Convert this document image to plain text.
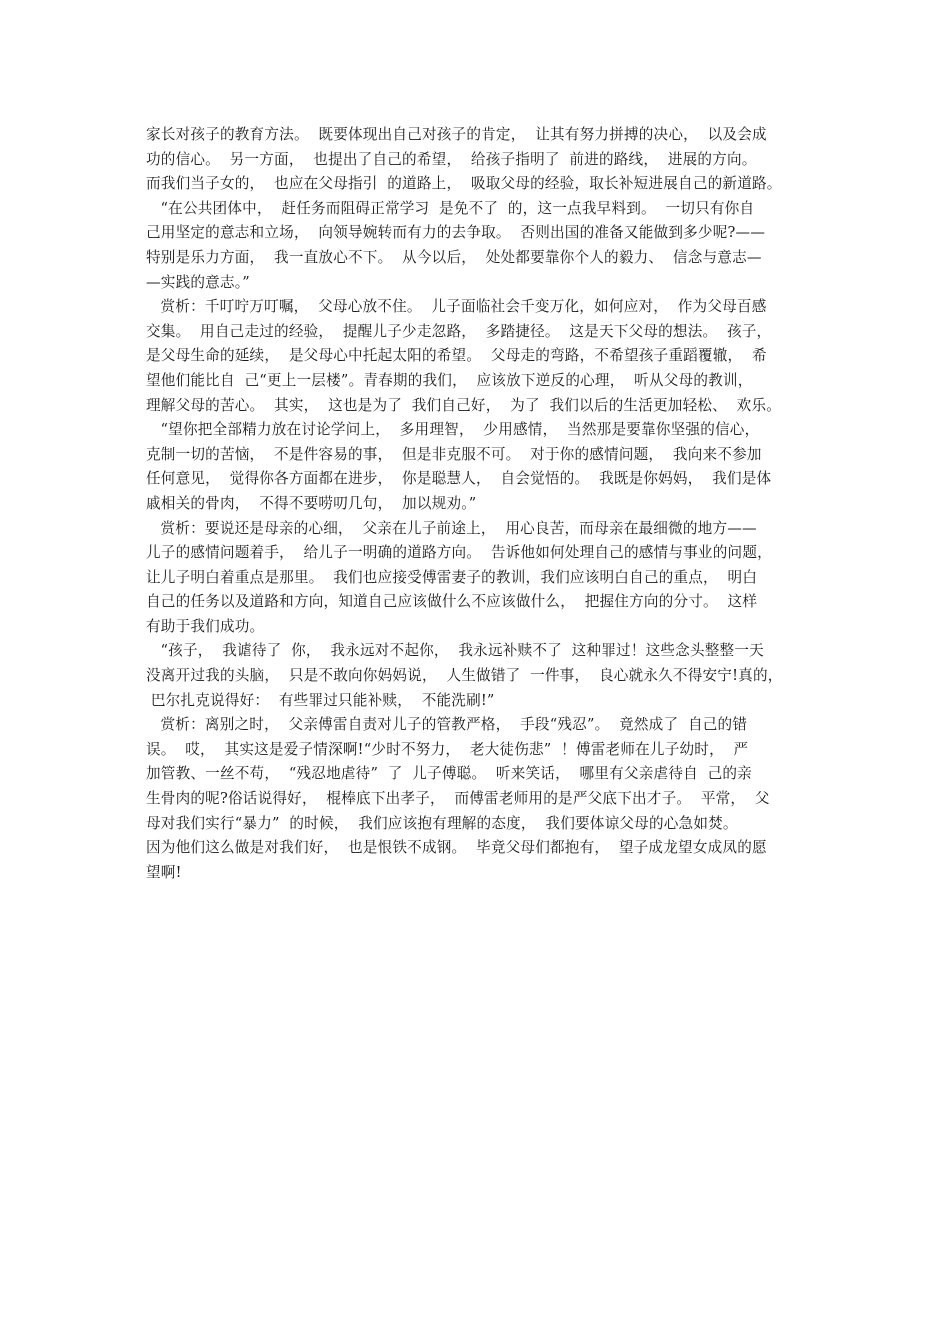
家长对孩子的教育方法。  既要体现出自己对孩子的肯定，  让其有努力拼搏的决心，  以及会成
功的信心。  另一方面，  也提出了自己的希望，  给孩子指明了  前进的路线，  进展的方向。
而我们当子女的，  也应在父母指引  的道路上，  吸取父母的经验，取长补短进展自己的新道路。
“在公共团体中，  赶任务而阻碍正常学习  是免不了  的，这一点我早料到。  一切只有你自
己用坚定的意志和立场，  向领导婉转而有力的去争取。  否则出国的准备又能做到多少呢?——
特别是乐力方面，  我一直放心不下。  从今以后，  处处都要靠你个人的毅力、  信念与意志—
—实践的意志。”
赏析：千叮咛万叮嘱，  父母心放不住。  儿子面临社会千变万化，如何应对，  作为父母百感
交集。  用自己走过的经验，  提醒儿子少走忽路，  多踏捷径。  这是天下父母的想法。  孩子，
是父母生命的延续，  是父母心中托起太阳的希望。  父母走的弯路，不希望孩子重蹈覆辙，  希
望他们能比自  己“更上一层楼”。青春期的我们，  应该放下逆反的心理，  听从父母的教训，
理解父母的苦心。  其实，  这也是为了  我们自己好，  为了  我们以后的生活更加轻松、  欢乐。
“望你把全部精力放在讨论学问上，  多用理智，  少用感情，  当然那是要靠你坚强的信心，
克制一切的苦恼，  不是件容易的事，  但是非克服不可。  对于你的感情问题，  我向来不参加
任何意见，  觉得你各方面都在进步，  你是聪慧人，  自会觉悟的。  我既是你妈妈，  我们是体
戚相关的骨肉，  不得不要唠叨几句，  加以规劝。”
赏析：要说还是母亲的心细，  父亲在儿子前途上，  用心良苦，而母亲在最细微的地方——
儿子的感情问题着手，  给儿子一明确的道路方向。  告诉他如何处理自己的感情与事业的问题，
让儿子明白着重点是那里。  我们也应接受傅雷妻子的教训，我们应该明白自己的重点，  明白
自己的任务以及道路和方向，知道自己应该做什么不应该做什么，  把握住方向的分寸。  这样
有助于我们成功。
“孩子，  我谑待了  你，  我永远对不起你，  我永远补赎不了  这种罪过！这些念头整整一天
没离开过我的头脑，  只是不敢向你妈妈说，  人生做错了  一件事，  良心就永久不得安宁!真的，
巴尔扎克说得好：  有些罪过只能补赎，  不能洗刷!”
赏析：离别之时，  父亲傅雷自责对儿子的管教严格，  手段“残忍”。  竟然成了  自己的错
误。  哎，  其实这是爱子情深啊!“少时不努力，  老大徒伤悲”  ！傅雷老师在儿子幼时，  严
加管教、一丝不苟，  “残忍地虐待”  了  儿子傅聪。  听来笑话，  哪里有父亲虐待自  己的亲
生骨肉的呢?俗话说得好，  棍棒底下出孝子，  而傅雷老师用的是严父底下出才子。  平常，  父
母对我们实行“暴力”  的时候，  我们应该抱有理解的态度，  我们要体谅父母的心急如焚。
因为他们这么做是对我们好，  也是恨铁不成钢。  毕竟父母们都抱有，  望子成龙望女成凤的愿
望啊!
